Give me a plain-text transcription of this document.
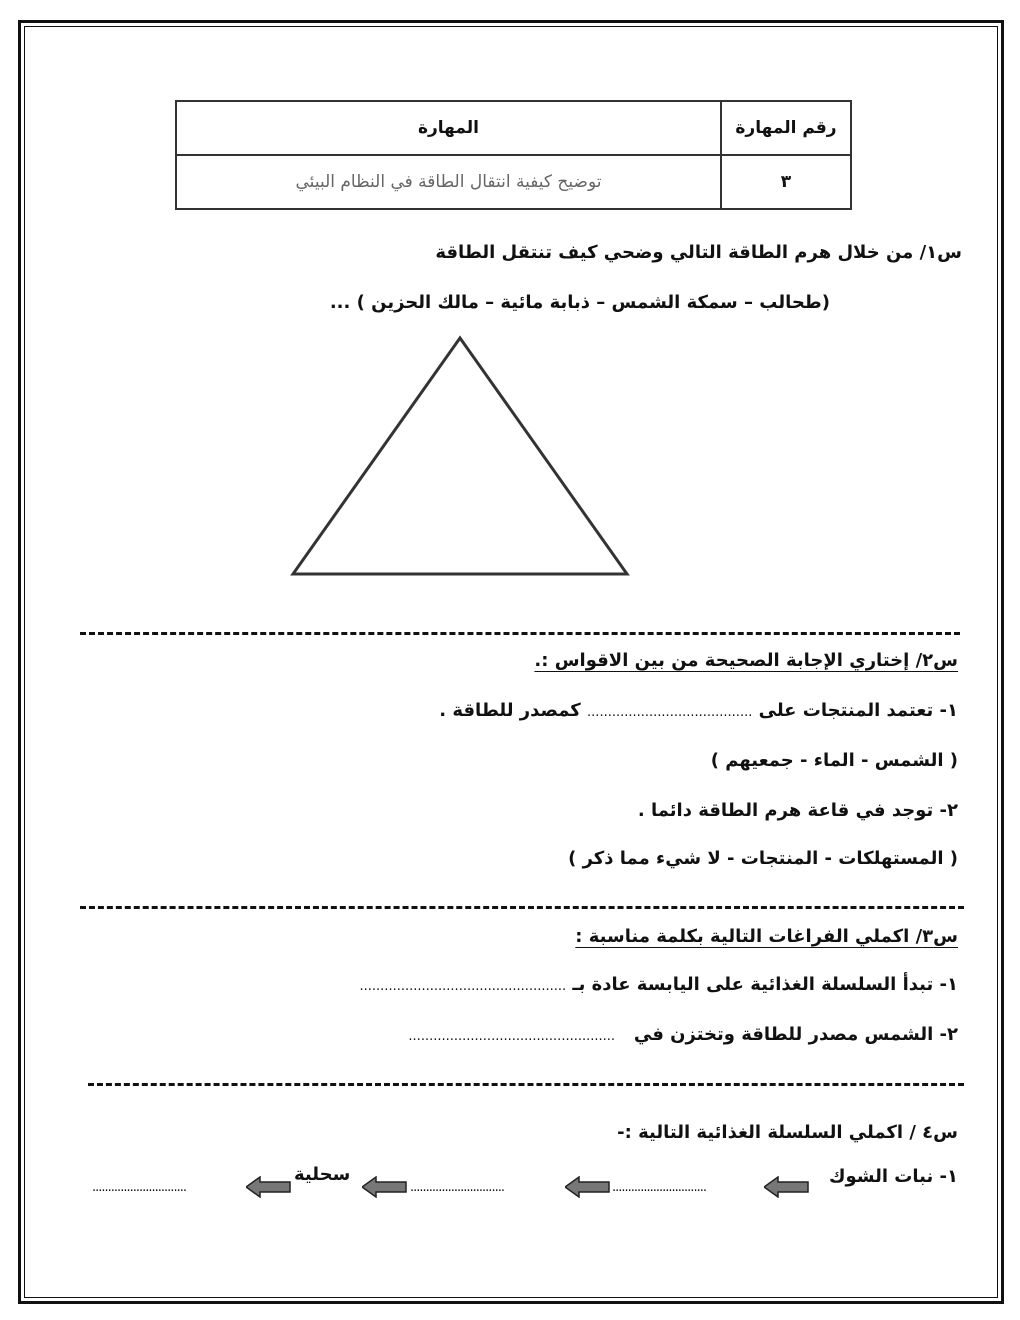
المهارة	رقم المهارة
توضيح كيفية انتقال الطاقة في النظام البيئي	٣
س١/ من خلال هرم الطاقة التالي وضحي كيف تنتقل الطاقة
(طحالب – سمكة الشمس – ذبابة مائية – مالك الحزين ) ...
س٢/ إختاري الإجابة الصحيحة من بين الاقواس :.
١- تعتمد المنتجات على ........................................ كمصدر للطاقة .
( الشمس - الماء - جمعيهم )
٢- توجد في قاعة هرم الطاقة دائما .
( المستهلكات - المنتجات - لا شيء مما ذكر )
س٣/ اكملي الفراغات التالية بكلمة مناسبة :
١- تبدأ السلسلة الغذائية على اليابسة عادة بـ ..................................................
٢- الشمس مصدر للطاقة وتختزن في   ..................................................
س٤ / اكملي السلسلة الغذائية التالية :-
١- نبات الشوك
..............................
..............................
سحلية
..............................
